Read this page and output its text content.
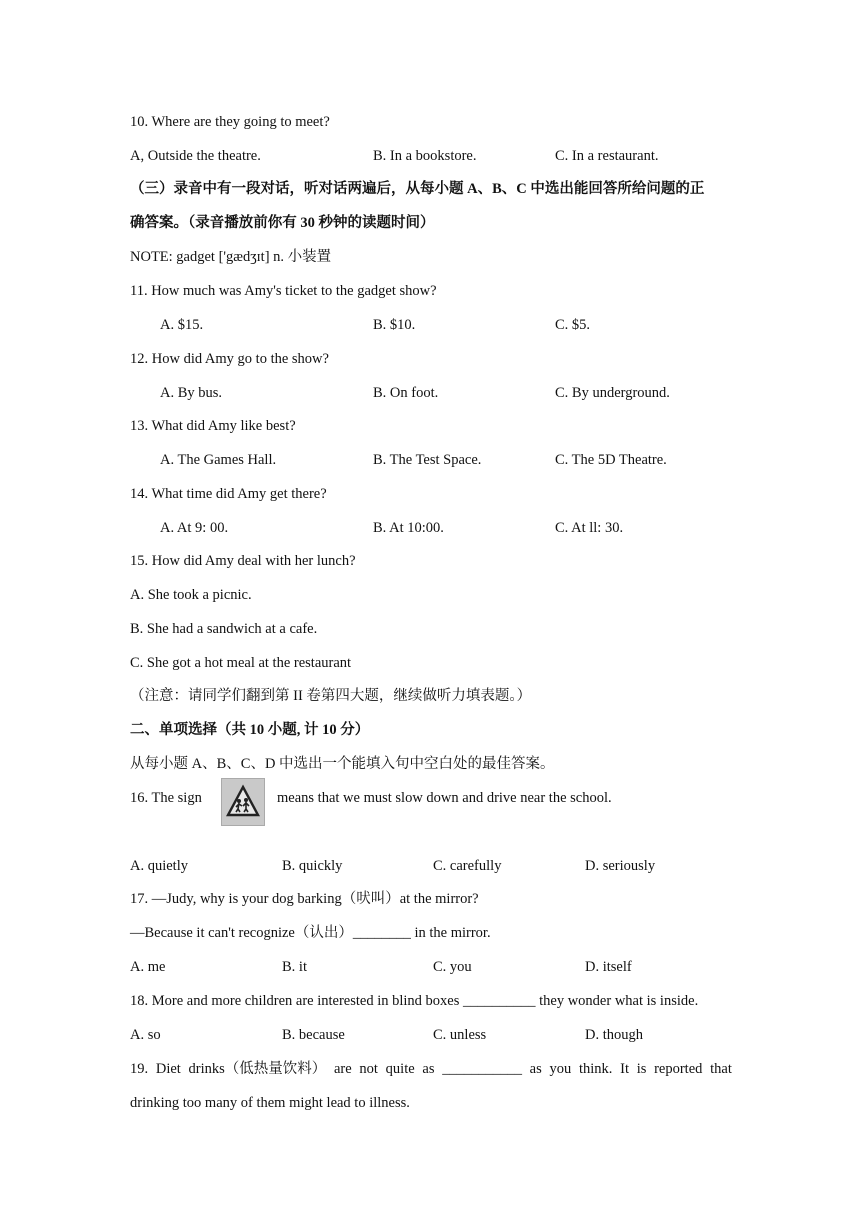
10. Where are they going to meet?
A, Outside the theatre.	B. In a bookstore.	C. In a restaurant.
（三）录音中有一段对话，听对话两遍后，从每小题 A、B、C 中选出能回答所给问题的正
确答案。（录音播放前你有 30 秒钟的读题时间）
NOTE: gadget ['gædʒɪt] n. 小装置
11. How much was Amy's ticket to the gadget show?
A. $15.	B. $10.	C. $5.
12. How did Amy go to the show?
A. By bus.	B. On foot.	C. By underground.
13. What did Amy like best?
A. The Games Hall.	B. The Test Space.	C. The 5D Theatre.
14. What time did Amy get there?
A. At 9: 00.	B. At 10:00.	C. At ll: 30.
15. How did Amy deal with her lunch?
A. She took a picnic.
B. She had a sandwich at a cafe.
C. She got a hot meal at the restaurant
（注意：请同学们翻到第 II 卷第四大题，继续做听力填表题。）
二、单项选择（共 10 小题, 计 10 分）
从每小题 A、B、C、D 中选出一个能填入句中空白处的最佳答案。
16. The sign	means that we must slow down and drive near the school.
A. quietly	B. quickly	C. carefully	D. seriously
17. —Judy, why is your dog barking（吠叫）at the mirror?
—Because it can't recognize（认出）________ in the mirror.
A. me	B. it	C. you	D. itself
18. More and more children are interested in blind boxes __________ they wonder what is inside.
A. so	B. because	C. unless	D. though
19. Diet drinks（低热量饮料） are not quite as ___________ as you think. It is reported that
drinking too many of them might lead to illness.
